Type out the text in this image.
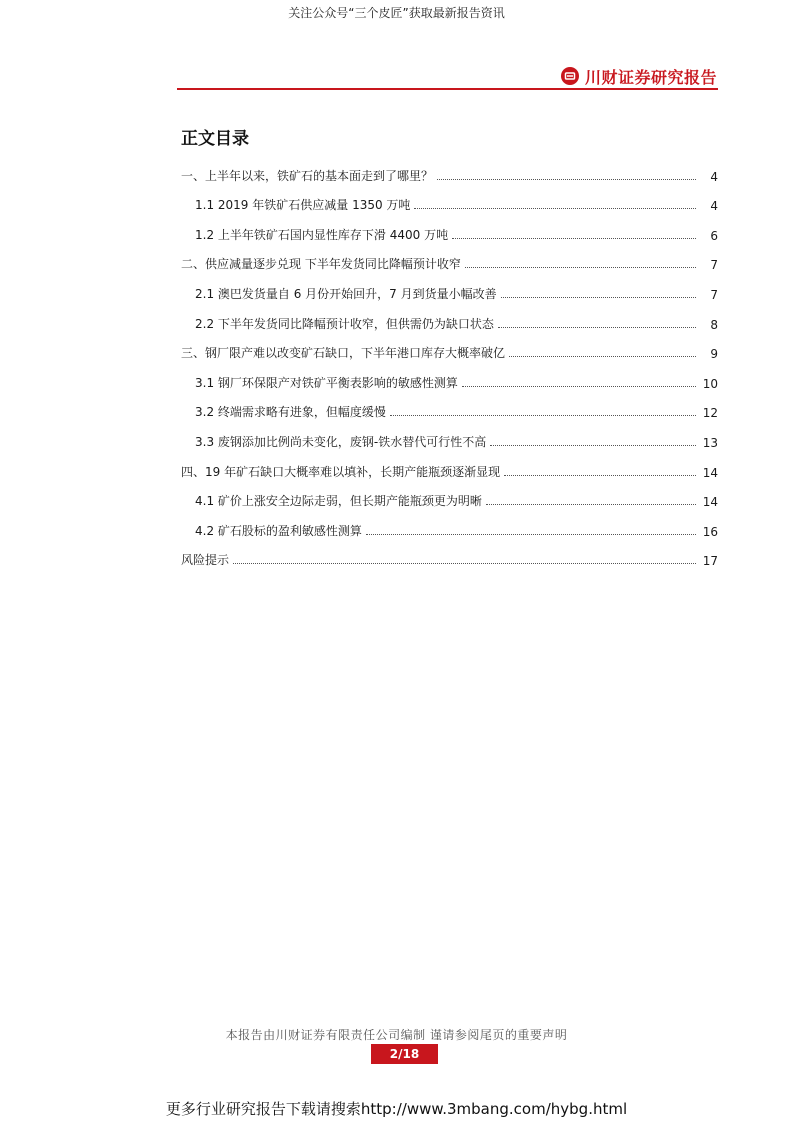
关注公众号“三个皮匠”获取最新报告资讯
川财证券研究报告
正文目录
一、上半年以来，铁矿石的基本面走到了哪里？	4
1.1 2019 年铁矿石供应减量 1350 万吨	4
1.2 上半年铁矿石国内显性库存下滑 4400 万吨	6
二、供应减量逐步兑现 下半年发货同比降幅预计收窄	7
2.1 澳巴发货量自 6 月份开始回升，7 月到货量小幅改善	7
2.2 下半年发货同比降幅预计收窄，但供需仍为缺口状态	8
三、钢厂限产难以改变矿石缺口，下半年港口库存大概率破亿	9
3.1 钢厂环保限产对铁矿平衡表影响的敏感性测算	10
3.2 终端需求略有进象，但幅度缓慢	12
3.3 废钢添加比例尚未变化，废钢-铁水替代可行性不高	13
四、19 年矿石缺口大概率难以填补，长期产能瓶颈逐渐显现	14
4.1 矿价上涨安全边际走弱，但长期产能瓶颈更为明晰	14
4.2 矿石股标的盈利敏感性测算	16
风险提示	17
本报告由川财证券有限责任公司编制 谨请参阅尾页的重要声明
2/18
更多行业研究报告下载请搜索http://www.3mbang.com/hybg.html
